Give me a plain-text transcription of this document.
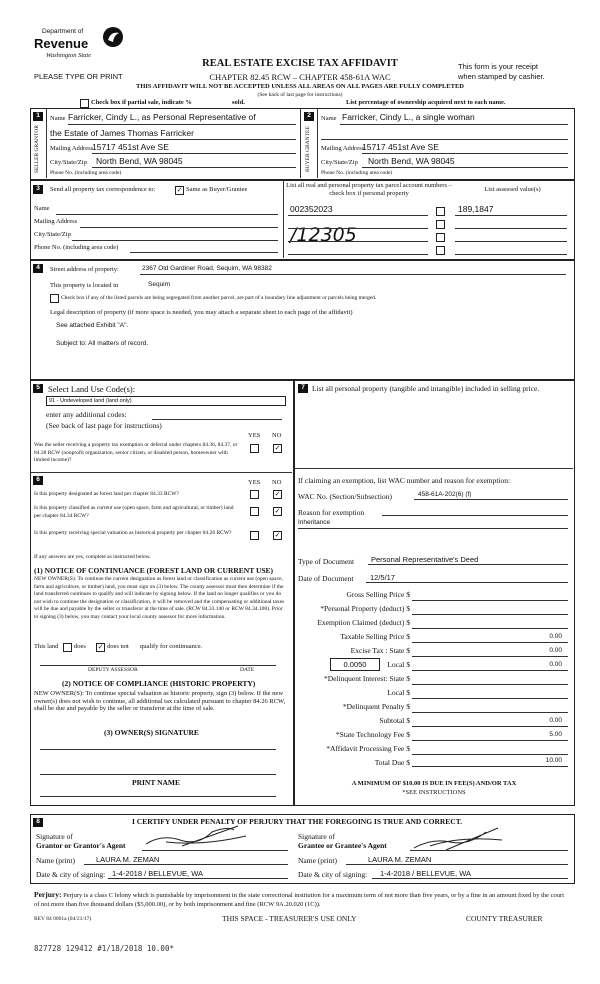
Department of
Revenue
Washington State
PLEASE TYPE OR PRINT
REAL ESTATE EXCISE TAX AFFIDAVIT
CHAPTER 82.45 RCW – CHAPTER 458-61A WAC
This form is your receipt
when stamped by cashier.
THIS AFFIDAVIT WILL NOT BE ACCEPTED UNLESS ALL AREAS ON ALL PAGES ARE FULLY COMPLETED
(See back of last page for instructions)
Check box if partial sale, indicate %	sold.	List percentage of ownership acquired next to each name.
1
SELLER GRANTOR
Name Farricker, Cindy L., as Personal Representative of
the Estate of James Thomas Farricker
Mailing Address
15717 451st Ave SE
City/State/Zip North Bend, WA 98045
Phone No. (including area code)
2
BUYER GRANTEE
Name Farricker, Cindy L., a single woman
Mailing Address
15717 451st Ave SE
City/State/Zip North Bend, WA 98045
Phone No. (including area code)
3	Send all property tax correspondence to:	✓ Same as Buyer/Grantee
Name
Mailing Address
City/State/Zip
Phone No. (including area code)
List all real and personal property tax parcel account numbers – check box if personal property
List assessed value(s)
002352023	189,1847
/12305
4	Street address of property:	2367 Old Gardiner Road, Sequim, WA 98382
This property is located in	Sequim
Check box if any of the listed parcels are being segregated from another parcel, are part of a boundary line adjustment or parcels being merged.
Legal description of property (if more space is needed, you may attach a separate sheet to each page of the affidavit)
See attached Exhibit "A".
Subject to: All matters of record.
5 Select Land Use Code(s):
91 - Undeveloped land (land only)
enter any additional codes:
(See back of last page for instructions)
YES NO
Was the seller receiving a property tax exemption or deferral under chapters 84.36, 84.37, or 84.38 RCW (nonprofit organization, senior citizen, or disabled person, homeowner with limited income)?
✓
6	YES NO
Is this property designated as forest land per chapter 84.33 RCW?	✓
Is this property classified as current use (open space, farm and agricultural, or timber) land per chapter 84.34 RCW?
✓
Is this property receiving special valuation as historical property per chapter 84.26 RCW?	✓
If any answers are yes, complete as instructed below.
(1) NOTICE OF CONTINUANCE (FOREST LAND OR CURRENT USE)
NEW OWNER(S): To continue the current designation as forest land or classification as current use (open space, farm and agriculture, or timber) land, you must sign on (3) below. The county assessor must then determine if the land transferred continues to qualify and will indicate by signing below. If the land no longer qualifies or you do not wish to continue the designation or classification, it will be removed and the compensating or additional taxes will be due and payable by the seller or transferor at the time of sale. (RCW 84.33.140 or RCW 84.34.108). Prior to signing (3) below, you may contact your local county assessor for more information.
This land does ✓ does not qualify for continuance.
DEPUTY ASSESSOR	DATE
(2) NOTICE OF COMPLIANCE (HISTORIC PROPERTY)
NEW OWNER(S): To continue special valuation as historic property, sign (3) below. If the new owner(s) does not wish to continue, all additional tax calculated pursuant to chapter 84.26 RCW, shall be due and payable by the seller or transferor at the time of sale.
(3) OWNER(S) SIGNATURE
PRINT NAME
7 List all personal property (tangible and intangible) included in selling price.
If claiming an exemption, list WAC number and reason for exemption:
WAC No. (Section/Subsection)	458-61A-202(6) (f)
Reason for exemption
Inheritance
Type of Document Personal Representative's Deed
Date of Document 12/5/17
Gross Selling Price $
*Personal Property (deduct) $
Exemption Claimed (deduct) $
Taxable Selling Price $	0.00
Excise Tax : State $	0.00
0.0050	Local $	0.00
*Delinquent Interest: State $
Local $
*Delinquent Penalty $
Subtotal $	0.00
*State Technology Fee $	5.00
*Affidavit Processing Fee $
Total Due $	10.00
A MINIMUM OF $10.00 IS DUE IN FEE(S) AND/OR TAX
*SEE INSTRUCTIONS
8	I CERTIFY UNDER PENALTY OF PERJURY THAT THE FOREGOING IS TRUE AND CORRECT.
Signature of
Grantor or Grantor's Agent
Name (print)	LAURA M. ZEMAN
Date & city of signing: 1-4-2018 / BELLEVUE, WA
Signature of
Grantee or Grantee's Agent
Name (print)	LAURA M. ZEMAN
Date & city of signing: 1-4-2018 / BELLEVUE, WA
Perjury: Perjury is a class C felony which is punishable by imprisonment in the state correctional institution for a maximum term of not more than five years, or by a fine in an amount fixed by the court of not more than five thousand dollars ($5,000.00), or by both imprisonment and fine (RCW 9A.20.020 (1C)).
REV 84 0001a (04/21/17)	THIS SPACE - TREASURER'S USE ONLY	COUNTY TREASURER
827728 129412 #1/18/2018 10.00*
